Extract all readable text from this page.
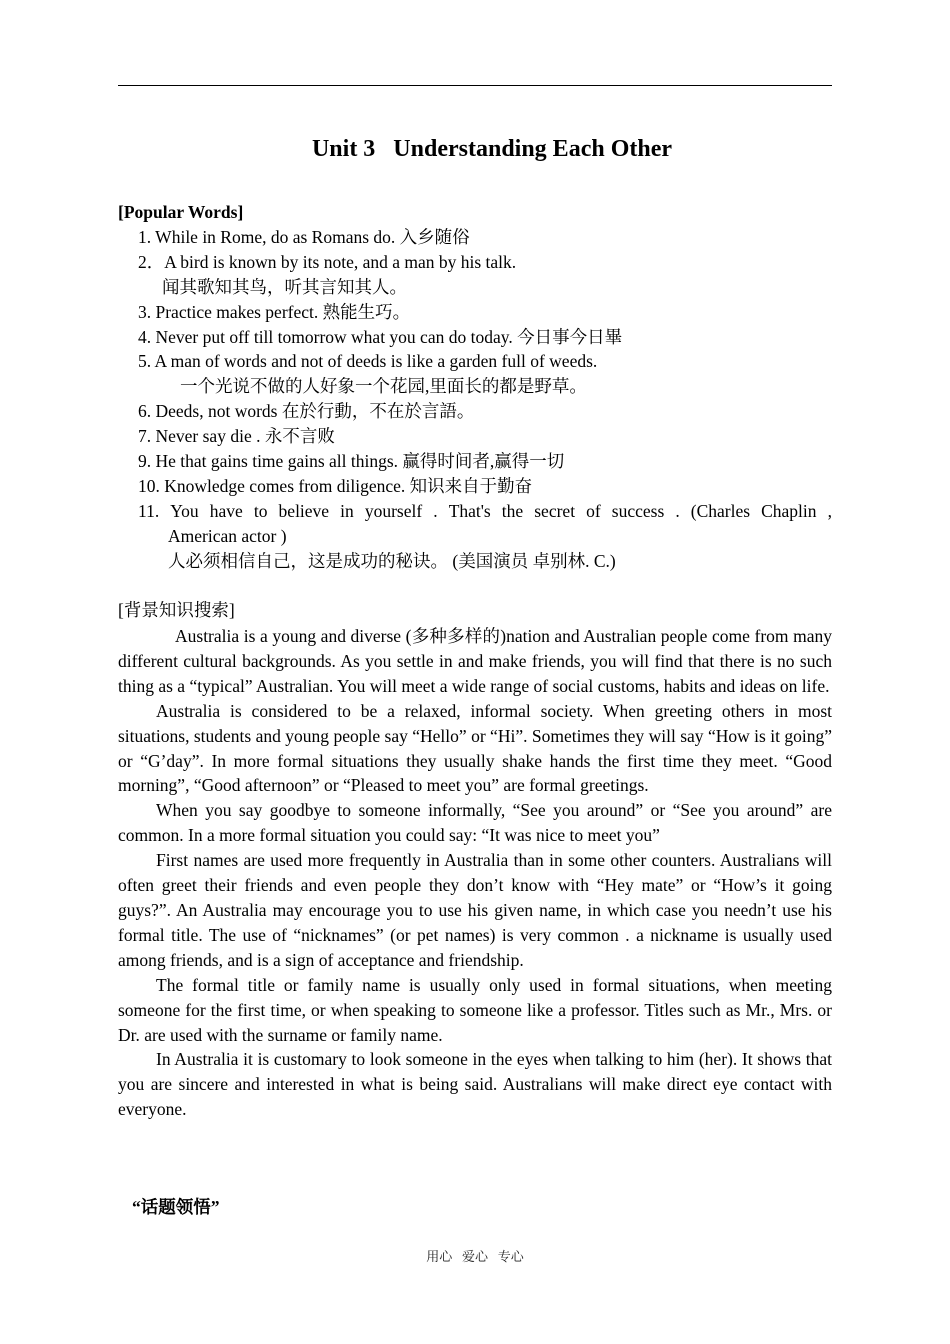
Unit 3   Understanding Each Other
[Popular Words]
1. While in Rome, do as Romans do. 入乡随俗
2．A bird is known by its note, and a man by his talk.
闻其歌知其鸟，听其言知其人。
3. Practice makes perfect. 熟能生巧。
4. Never put off till tomorrow what you can do today. 今日事今日畢
5. A man of words and not of deeds is like a garden full of weeds.
一个光说不做的人好象一个花园,里面长的都是野草。
6. Deeds, not words 在於行動，不在於言語。
7. Never say die . 永不言败
9. He that gains time gains all things. 赢得时间者,赢得一切
10. Knowledge comes from diligence. 知识来自于勤奋
11. You have to believe in yourself . That's the secret of success . (Charles Chaplin ,
American actor )
人必须相信自己，这是成功的秘诀。 (美国演员 卓别林. C.)
[背景知识搜索]

Australia is a young and diverse (多种多样的)nation and Australian people come from many different cultural backgrounds. As you settle in and make friends, you will find that there is no such thing as a “typical” Australian. You will meet a wide range of social customs, habits and ideas on life.

Australia is considered to be a relaxed, informal society. When greeting others in most situations, students and young people say “Hello” or “Hi”. Sometimes they will say “How is it going” or “G’day”. In more formal situations they usually shake hands the first time they meet. “Good morning”, “Good afternoon” or “Pleased to meet you” are formal greetings.

When you say goodbye to someone informally, “See you around” or “See you around” are common. In a more formal situation you could say: “It was nice to meet you”

First names are used more frequently in Australia than in some other counters. Australians will often greet their friends and even people they don’t know with “Hey mate” or “How’s it going guys?”. An Australia may encourage you to use his given name, in which case you needn’t use his formal title. The use of “nicknames” (or pet names) is very common . a nickname is usually used among friends, and is a sign of acceptance and friendship.

The formal title or family name is usually only used in formal situations, when meeting someone for the first time, or when speaking to someone like a professor. Titles such as Mr., Mrs. or Dr. are used with the surname or family name.

In Australia it is customary to look someone in the eyes when talking to him (her). It shows that you are sincere and interested in what is being said. Australians will make direct eye contact with everyone.

“话题领悟”
用心   爱心   专心
